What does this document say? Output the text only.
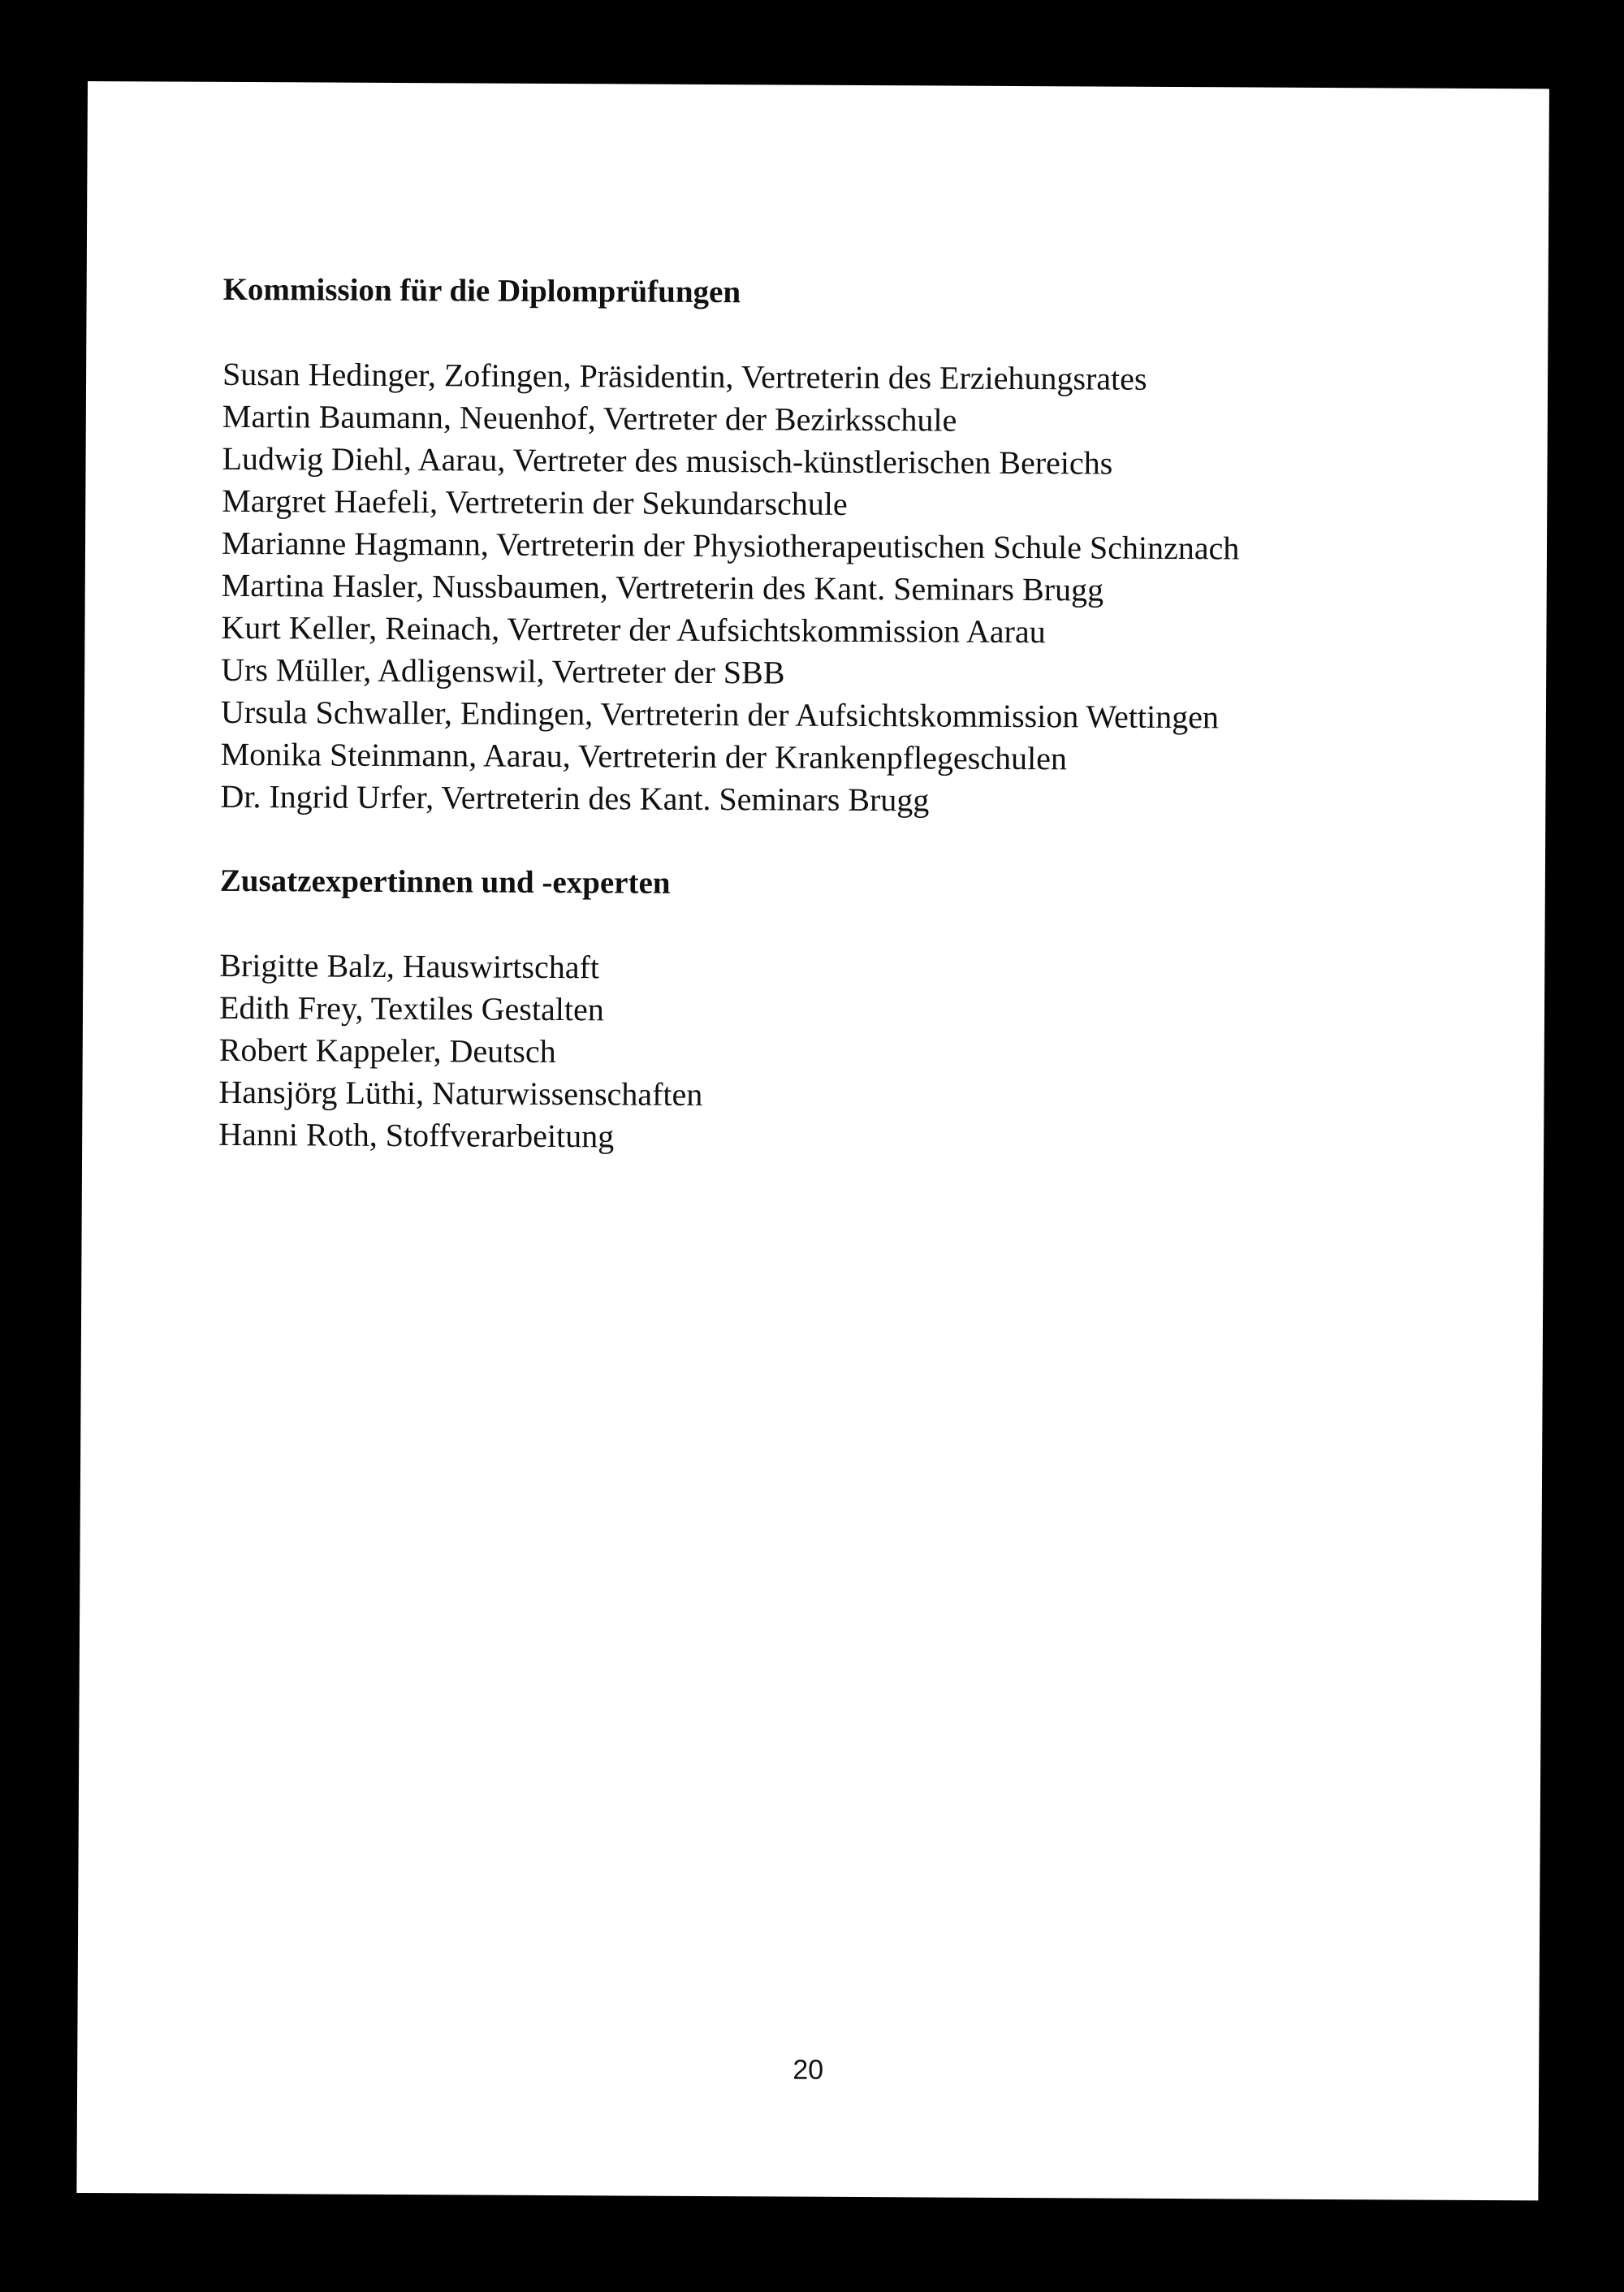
Kommission für die Diplomprüfungen
Susan Hedinger, Zofingen, Präsidentin, Vertreterin des Erziehungsrates
Martin Baumann, Neuenhof, Vertreter der Bezirksschule
Ludwig Diehl, Aarau, Vertreter des musisch-künstlerischen Bereichs
Margret Haefeli, Vertreterin der Sekundarschule
Marianne Hagmann, Vertreterin der Physiotherapeutischen Schule Schinznach
Martina Hasler, Nussbaumen, Vertreterin des Kant. Seminars Brugg
Kurt Keller, Reinach, Vertreter der Aufsichtskommission Aarau
Urs Müller, Adligenswil, Vertreter der SBB
Ursula Schwaller, Endingen, Vertreterin der Aufsichtskommission Wettingen
Monika Steinmann, Aarau, Vertreterin der Krankenpflegeschulen
Dr. Ingrid Urfer, Vertreterin des Kant. Seminars Brugg
Zusatzexpertinnen und -experten
Brigitte Balz, Hauswirtschaft
Edith Frey, Textiles Gestalten
Robert Kappeler, Deutsch
Hansjörg Lüthi, Naturwissenschaften
Hanni Roth, Stoffverarbeitung
20
